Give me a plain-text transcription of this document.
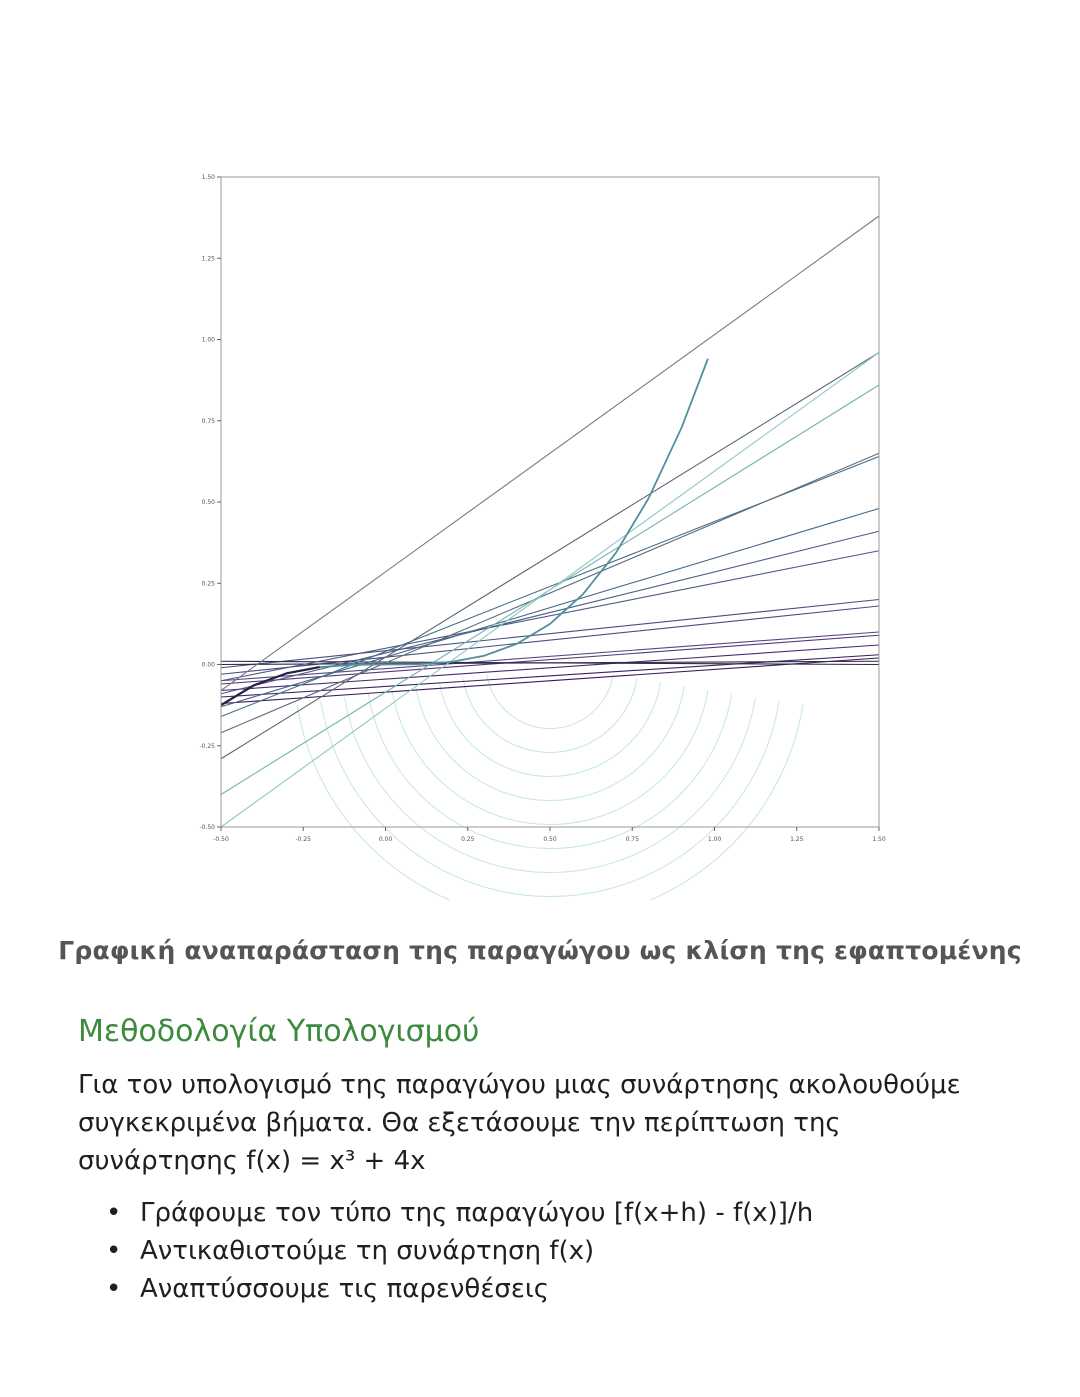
-0.50	-0.25	0.00	0.25	0.50	0.75	1.00	1.25	1.50
-0.50
-0.25
0.00
0.25
0.50
0.75
1.00
1.25
1.50
Γραφική αναπαράσταση της παραγώγου ως κλίση της εφαπτομένης
Μεθοδολογία Υπολογισμού

Για τον υπολογισμό της παραγώγου μιας συνάρτησης ακολουθούμε
συγκεκριμένα βήματα. Θα εξετάσουμε την περίπτωση της
συνάρτησης f(x) = x³ + 4x

• Γράφουμε τον τύπο της παραγώγου [f(x+h) - f(x)]/h
• Αντικαθιστούμε τη συνάρτηση f(x)
• Αναπτύσσουμε τις παρενθέσεις
